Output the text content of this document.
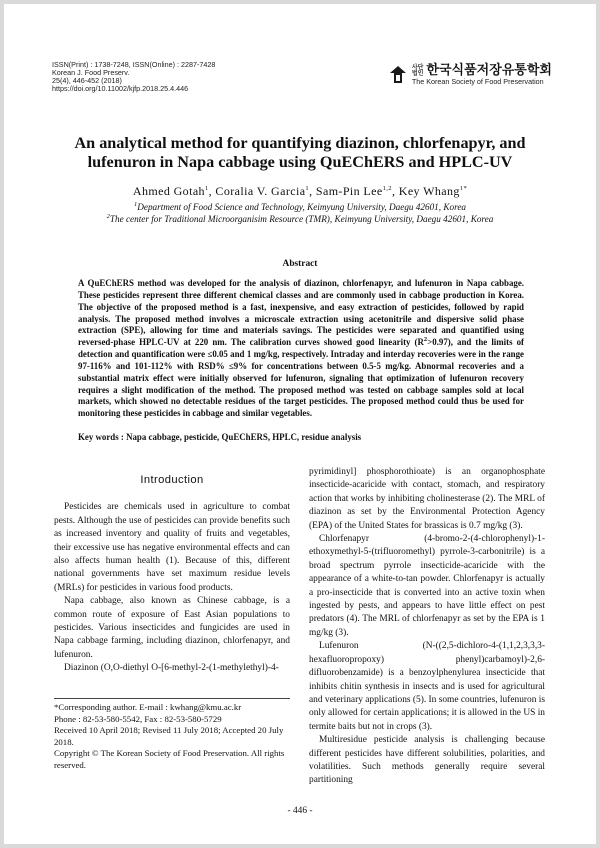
ISSN(Print) : 1738-7248, ISSN(Online) : 2287-7428
Korean J. Food Preserv.
25(4), 446-452 (2018)
https://doi.org/10.11002/kjfp.2018.25.4.446
사단
법인 한국식품저장유통학회
The Korean Society of Food Preservation
An analytical method for quantifying diazinon, chlorfenapyr, and
lufenuron in Napa cabbage using QuEChERS and HPLC-UV
Ahmed Gotah$^1$, Coralia V. Garcia$^1$, Sam-Pin Lee$^{1,2}$, Key Whang$^{1*}$
$^1$Department of Food Science and Technology, Keimyung University, Daegu 42601, Korea
$^2$The center for Traditional Microorganisim Resource (TMR), Keimyung University, Daegu 42601, Korea
Abstract
A QuEChERS method was developed for the analysis of diazinon, chlorfenapyr, and lufenuron in Napa cabbage. These pesticides represent three different chemical classes and are commonly used in cabbage production in Korea. The objective of the proposed method is a fast, inexpensive, and easy extraction of pesticides, followed by rapid analysis. The proposed method involves a microscale extraction using acetonitrile and dispersive solid phase extraction (SPE), allowing for time and materials savings. The pesticides were separated and quantified using reversed-phase HPLC-UV at 220 nm. The calibration curves showed good linearity $(R^2>0.97)$, and the limits of detection and quantification were ≤0.05 and 1 mg/kg, respectively. Intraday and interday recoveries were in the range 97-116% and 101-112% with RSD% ≤9% for concentrations between 0.5-5 mg/kg. Abnormal recoveries and a substantial matrix effect were initially observed for lufenuron, signaling that optimization of lufenuron recovery requires a slight modification of the method. The proposed method was tested on cabbage samples sold at local markets, which showed no detectable residues of the target pesticides. The proposed method could thus be used for monitoring these pesticides in cabbage and similar vegetables.
Key words : Napa cabbage, pesticide, QuEChERS, HPLC, residue analysis
Introduction

Pesticides are chemicals used in agriculture to combat pests. Although the use of pesticides can provide benefits such as increased inventory and quality of fruits and vegetables, their excessive use has negative environmental effects and can also affects human health (1). Because of this, different national governments have set maximum residue levels (MRLs) for pesticides in various food products.

Napa cabbage, also known as Chinese cabbage, is a common route of exposure of East Asian populations to pesticides. Various insecticides and fungicides are used in Napa cabbage farming, including diazinon, chlorfenapyr, and lufenuron.

Diazinon (O,O-diethyl O-[6-methyl-2-(1-methylethyl)-4-

pyrimidinyl] phosphorothioate) is an organophosphate insecticide-acaricide with contact, stomach, and respiratory action that works by inhibiting cholinesterase (2). The MRL of diazinon as set by the Environmental Protection Agency (EPA) of the United States for brassicas is 0.7 mg/kg (3).

Chlorfenapyr (4-bromo-2-(4-chlorophenyl)-1-ethoxymethyl-5-(trifluoromethyl) pyrrole-3-carbonitrile) is a broad spectrum pyrrole insecticide-acaricide with the appearance of a white-to-tan powder. Chlorfenapyr is actually a pro-insecticide that is converted into an active toxin when ingested by pests, and appears to have little effect on pest predators (4). The MRL of chlorfenapyr as set by the EPA is 1 mg/kg (3).

Lufenuron (N-((2,5-dichloro-4-(1,1,2,3,3,3-hexafluoropropoxy) phenyl)carbamoyl)-2,6-difluorobenzamide) is a benzoylphenylurea insecticide that inhibits chitin synthesis in insects and is used for agricultural and veterinary applications (5). In some countries, lufenuron is only allowed for certain applications; it is allowed in the US in termite baits but not in crops (3).

Multiresidue pesticide analysis is challenging because different pesticides have different solubilities, polarities, and volatilities. Such methods generally require several partitioning

*Corresponding author. E-mail : kwhang@kmu.ac.kr
Phone : 82-53-580-5542, Fax : 82-53-580-5729
Received 10 April 2018; Revised 11 July 2018; Accepted 20 July 2018.
Copyright © The Korean Society of Food Preservation. All rights reserved.
- 446 -
